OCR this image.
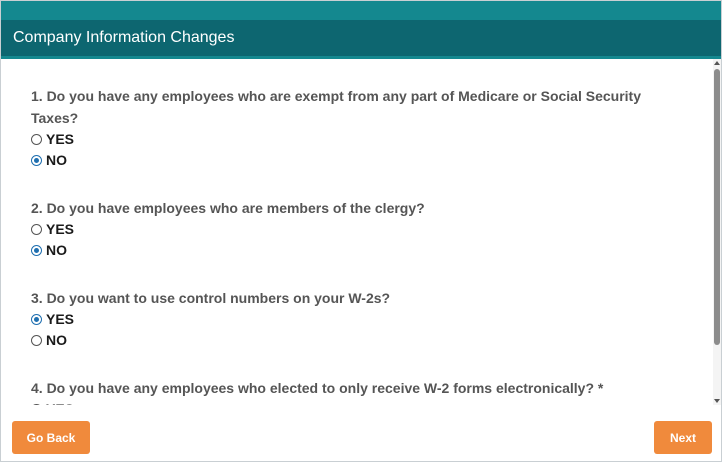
Company Information Changes
1. Do you have any employees who are exempt from any part of Medicare or Social Security Taxes?
YES
NO
2. Do you have employees who are members of the clergy?
YES
NO
3. Do you want to use control numbers on your W-2s?
YES
NO
4. Do you have any employees who elected to only receive W-2 forms electronically? *
Go Back	Next
